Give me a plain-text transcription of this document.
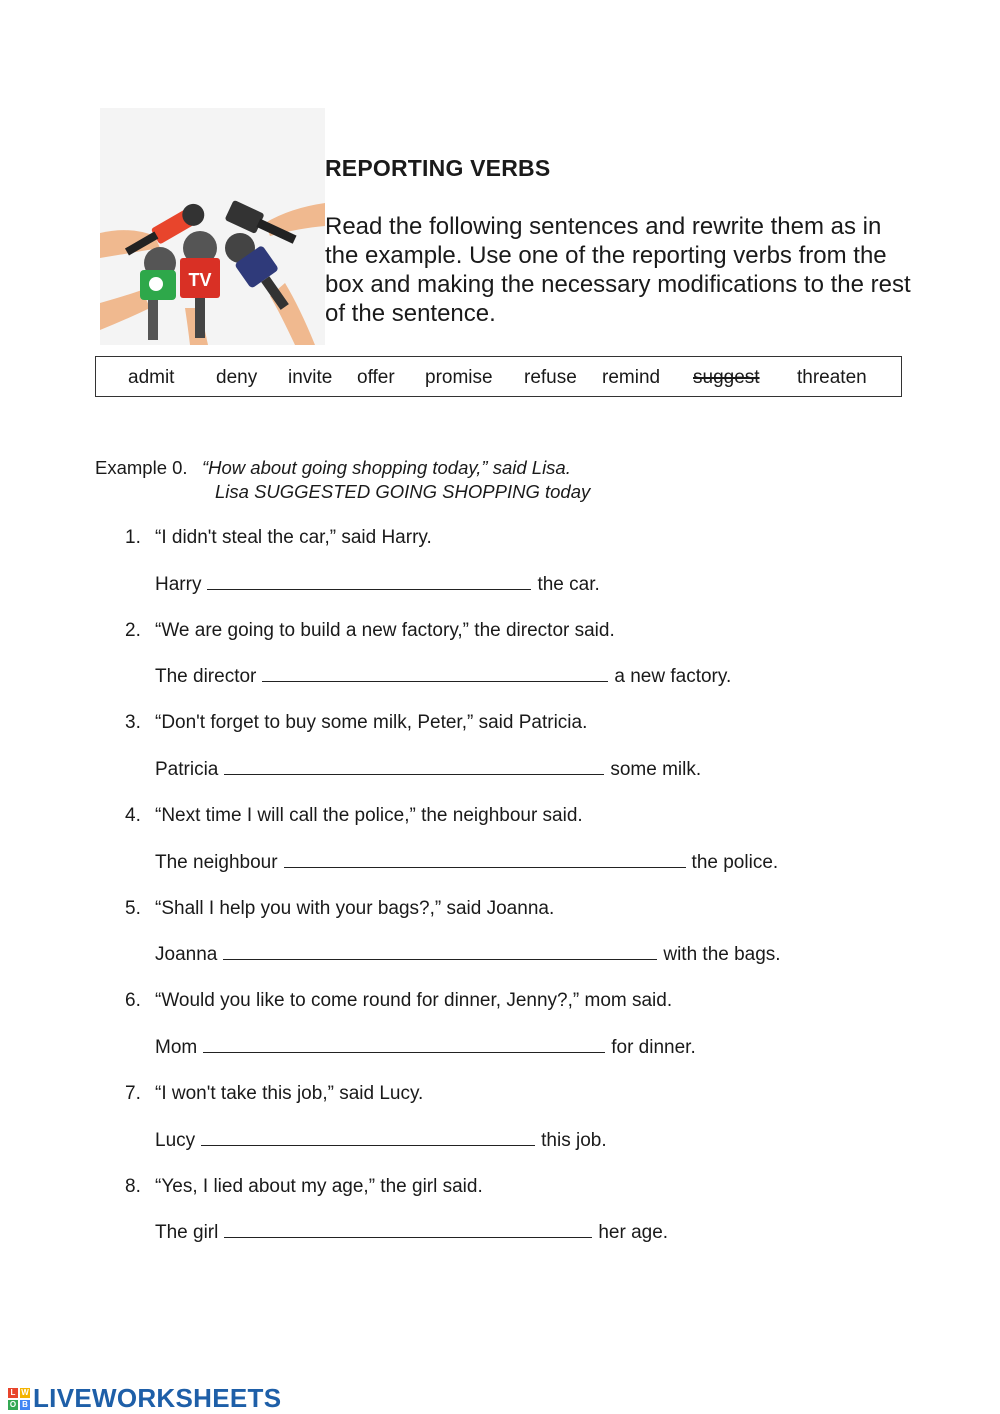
TV
REPORTING VERBS
Read the following sentences and rewrite them as in the example. Use one of the reporting verbs from the box and making the necessary modifications to the rest of the sentence.
admit deny invite offer promise refuse remind suggest threaten
Example 0. “How about going shopping today,” said Lisa.
Lisa SUGGESTED GOING SHOPPING today
1. “I didn't steal the car,” said Harry.
Harry	the car.
2. “We are going to build a new factory,” the director said.
The director	a new factory.
3. “Don't forget to buy some milk, Peter,” said Patricia.
Patricia	some milk.
4. “Next time I will call the police,” the neighbour said.
The neighbour	the police.
5. “Shall I help you with your bags?,” said Joanna.
Joanna	with the bags.
6. “Would you like to come round for dinner, Jenny?,” mom said.
Mom	for dinner.
7. “I won't take this job,” said Lucy.
Lucy	this job.
8. “Yes, I lied about my age,” the girl said.
The girl	her age.
L W
O B LIVEWORKSHEETS
